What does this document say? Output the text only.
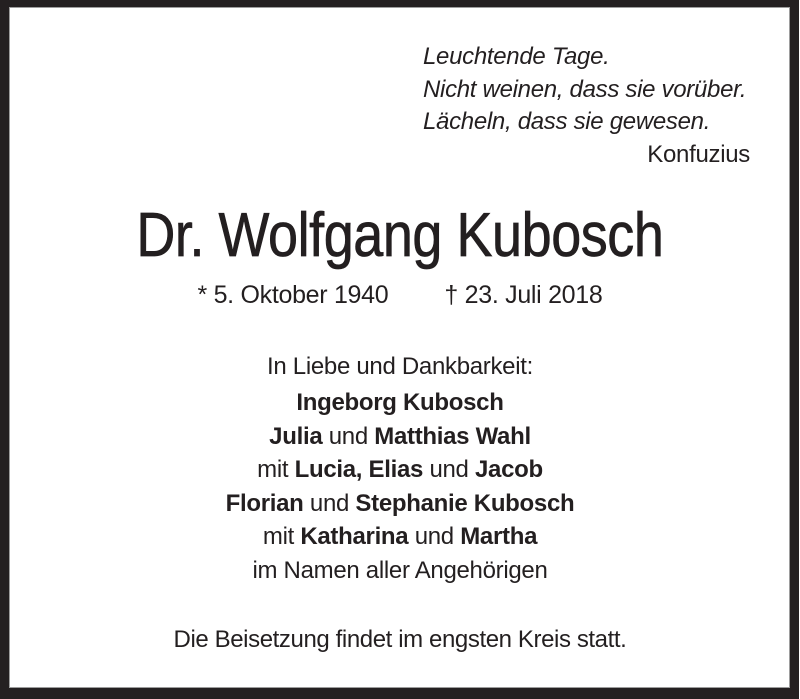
Leuchtende Tage.
Nicht weinen, dass sie vorüber.
Lächeln, dass sie gewesen.
Konfuzius
Dr. Wolfgang Kubosch
* 5. Oktober 1940 † 23. Juli 2018
In Liebe und Dankbarkeit:
Ingeborg Kubosch
Julia und Matthias Wahl
mit Lucia, Elias und Jacob
Florian und Stephanie Kubosch
mit Katharina und Martha
im Namen aller Angehörigen
Die Beisetzung findet im engsten Kreis statt.
